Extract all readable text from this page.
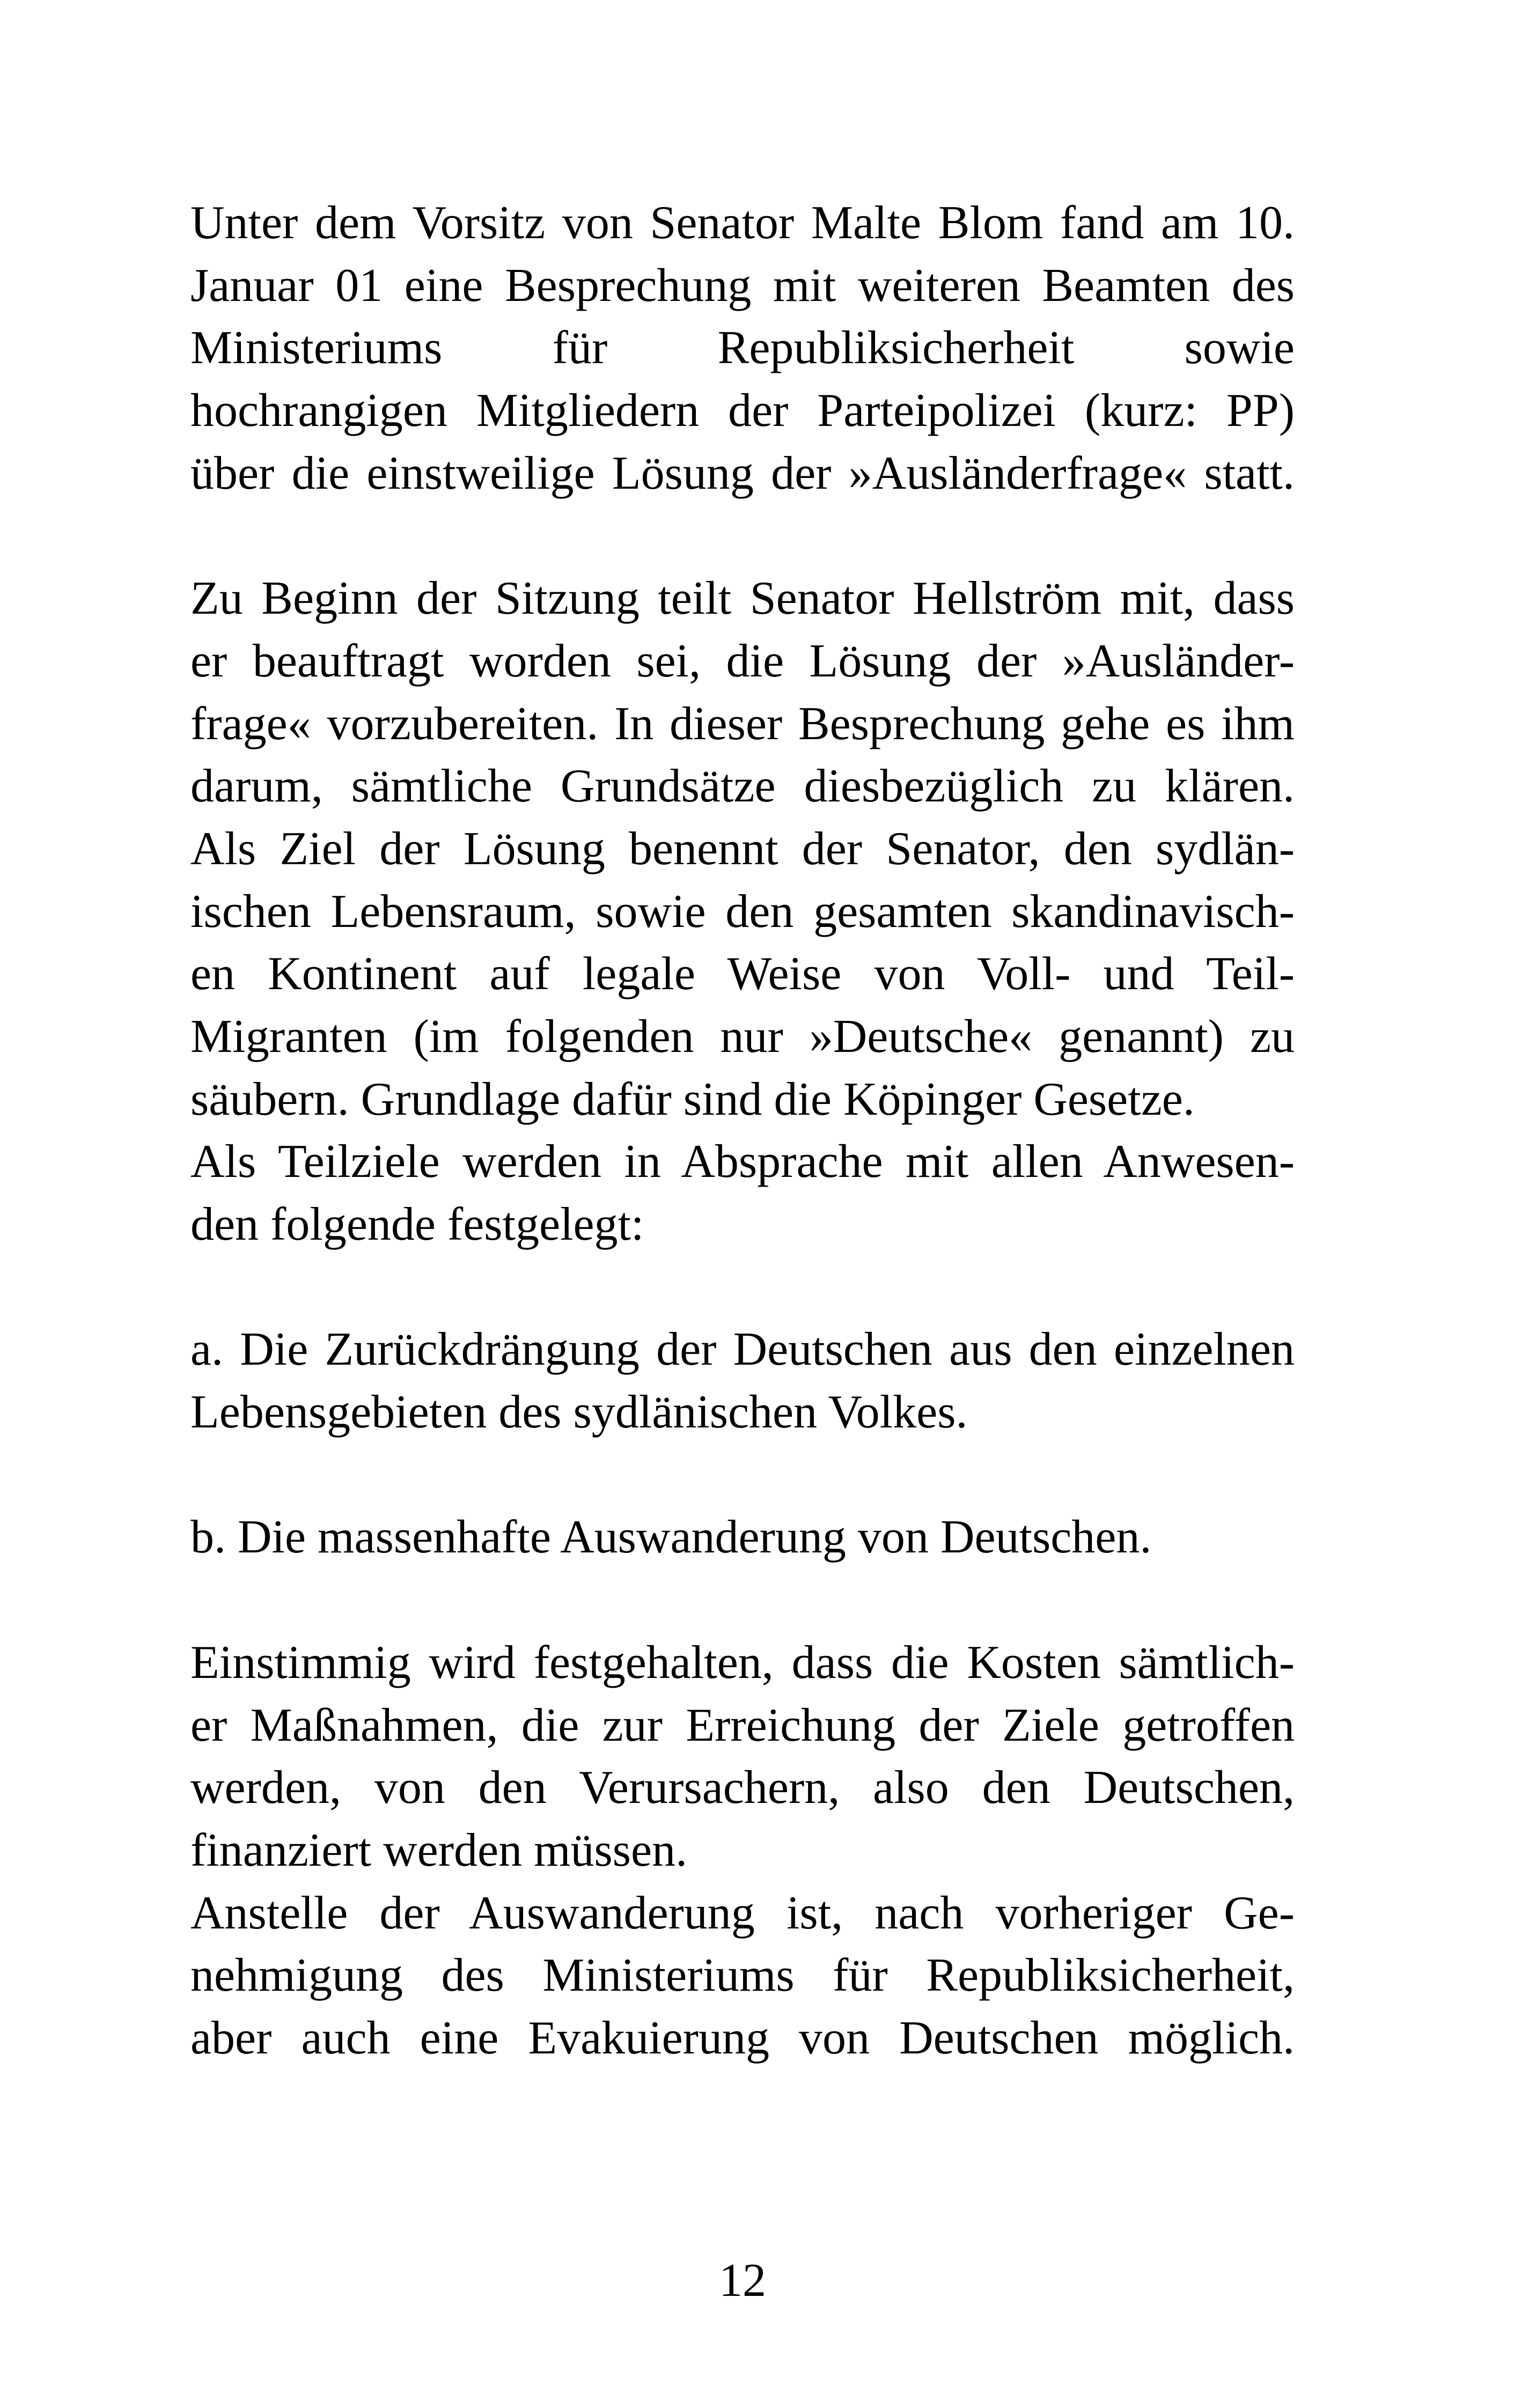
Unter dem Vorsitz von Senator Malte Blom fand am 10.
Januar 01 eine Besprechung mit weiteren Beamten des
Ministeriums für Republiksicherheit sowie
hochrangigen Mitgliedern der Parteipolizei (kurz: PP)
über die einstweilige Lösung der »Ausländerfrage« statt.
Zu Beginn der Sitzung teilt Senator Hellström mit, dass
er beauftragt worden sei, die Lösung der »Ausländer-
frage« vorzubereiten. In dieser Besprechung gehe es ihm
darum, sämtliche Grundsätze diesbezüglich zu klären.
Als Ziel der Lösung benennt der Senator, den sydlän-
ischen Lebensraum, sowie den gesamten skandinavisch-
en Kontinent auf legale Weise von Voll- und Teil-
Migranten (im folgenden nur »Deutsche« genannt) zu
säubern. Grundlage dafür sind die Köpinger Gesetze.
Als Teilziele werden in Absprache mit allen Anwesen-
den folgende festgelegt:
a. Die Zurückdrängung der Deutschen aus den einzelnen
Lebensgebieten des sydlänischen Volkes.
b. Die massenhafte Auswanderung von Deutschen.
Einstimmig wird festgehalten, dass die Kosten sämtlich-
er Maßnahmen, die zur Erreichung der Ziele getroffen
werden, von den Verursachern, also den Deutschen,
finanziert werden müssen.
Anstelle der Auswanderung ist, nach vorheriger Ge-
nehmigung des Ministeriums für Republiksicherheit,
aber auch eine Evakuierung von Deutschen möglich.
12
